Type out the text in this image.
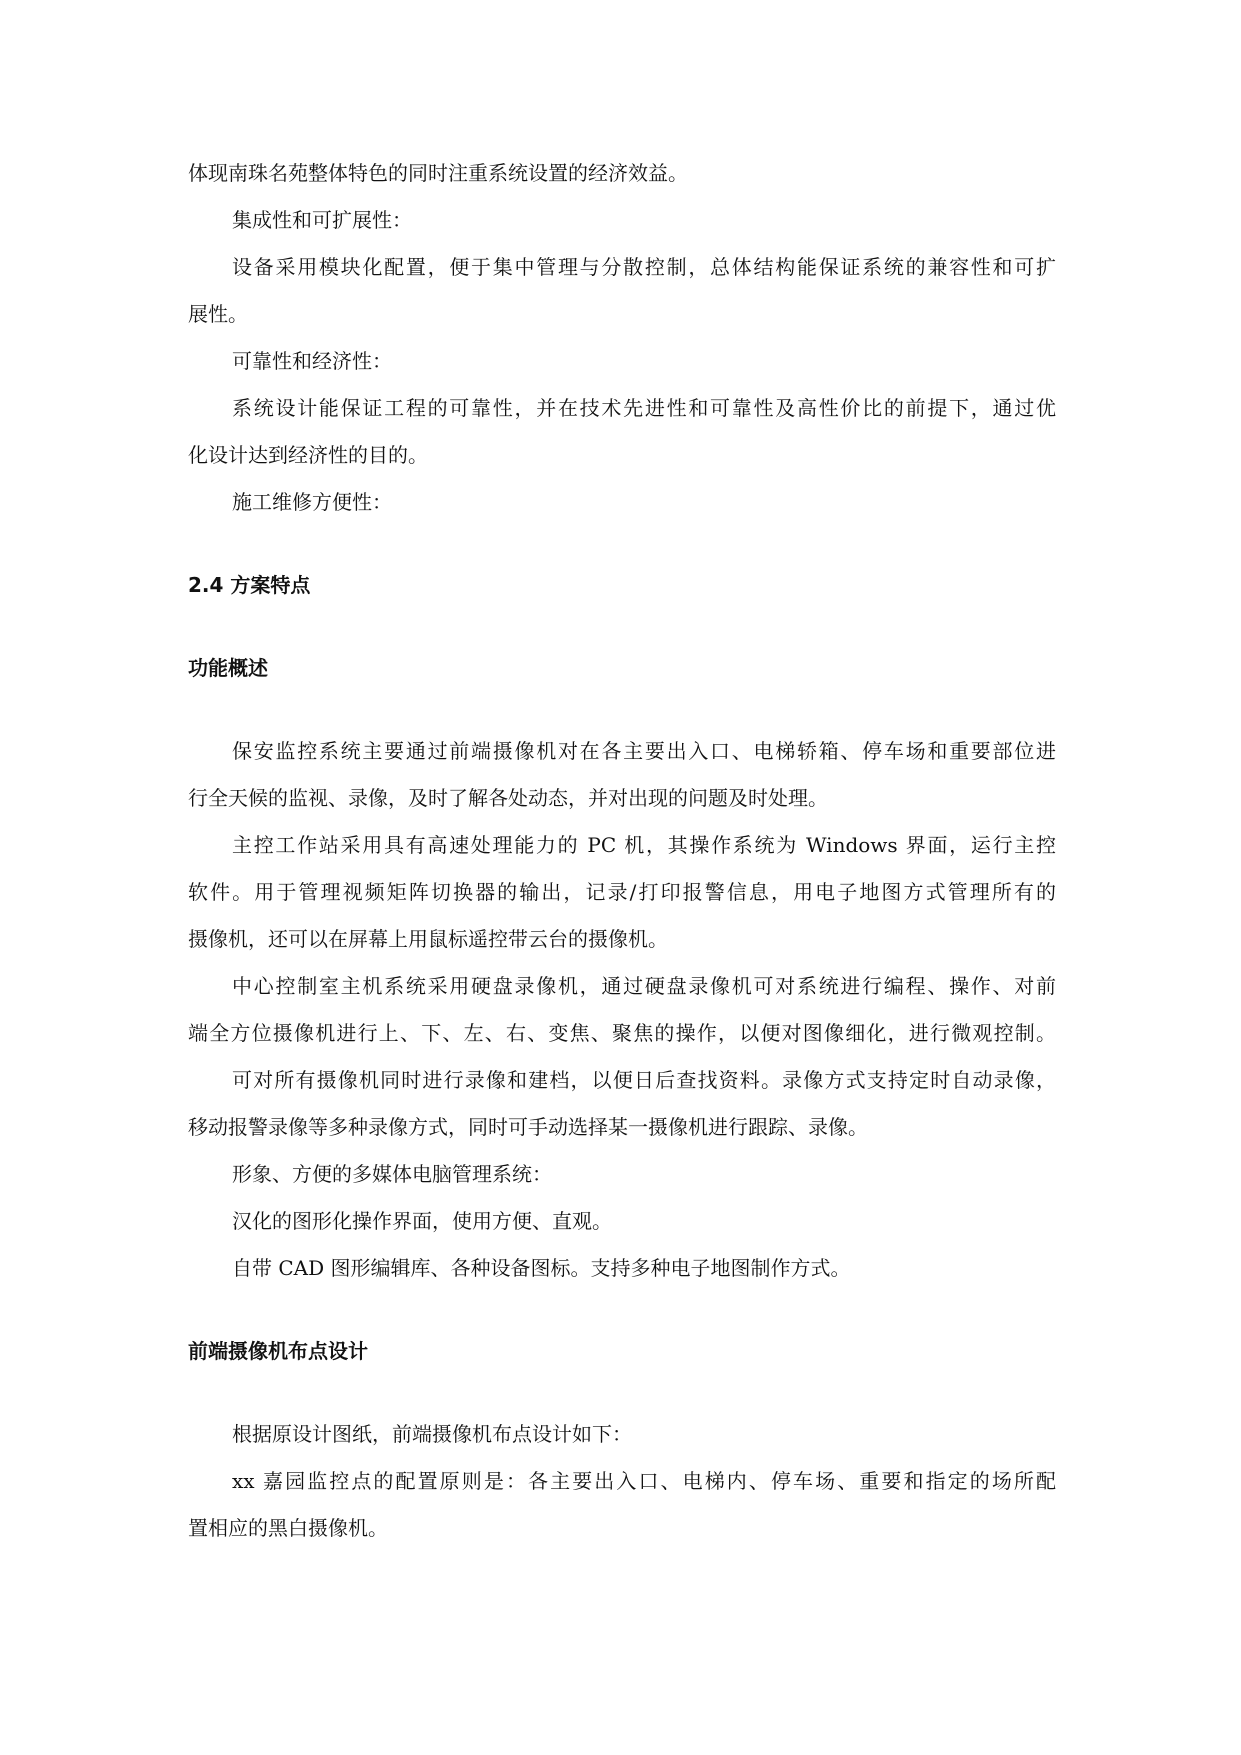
体现南珠名苑整体特色的同时注重系统设置的经济效益。
集成性和可扩展性：
设备采用模块化配置，便于集中管理与分散控制，总体结构能保证系统的兼容性和可扩
展性。
可靠性和经济性：
系统设计能保证工程的可靠性，并在技术先进性和可靠性及高性价比的前提下，通过优
化设计达到经济性的目的。
施工维修方便性：
2.4 方案特点
功能概述
保安监控系统主要通过前端摄像机对在各主要出入口、电梯轿箱、停车场和重要部位进
行全天候的监视、录像，及时了解各处动态，并对出现的问题及时处理。
主控工作站采用具有高速处理能力的 PC 机，其操作系统为 Windows 界面，运行主控
软件。用于管理视频矩阵切换器的输出，记录/打印报警信息，用电子地图方式管理所有的
摄像机，还可以在屏幕上用鼠标遥控带云台的摄像机。
中心控制室主机系统采用硬盘录像机，通过硬盘录像机可对系统进行编程、操作、对前
端全方位摄像机进行上、下、左、右、变焦、聚焦的操作，以便对图像细化，进行微观控制。
可对所有摄像机同时进行录像和建档，以便日后查找资料。录像方式支持定时自动录像，
移动报警录像等多种录像方式，同时可手动选择某一摄像机进行跟踪、录像。
形象、方便的多媒体电脑管理系统：
汉化的图形化操作界面，使用方便、直观。
自带 CAD 图形编辑库、各种设备图标。支持多种电子地图制作方式。
前端摄像机布点设计
根据原设计图纸，前端摄像机布点设计如下：
xx 嘉园监控点的配置原则是：各主要出入口、电梯内、停车场、重要和指定的场所配
置相应的黑白摄像机。
